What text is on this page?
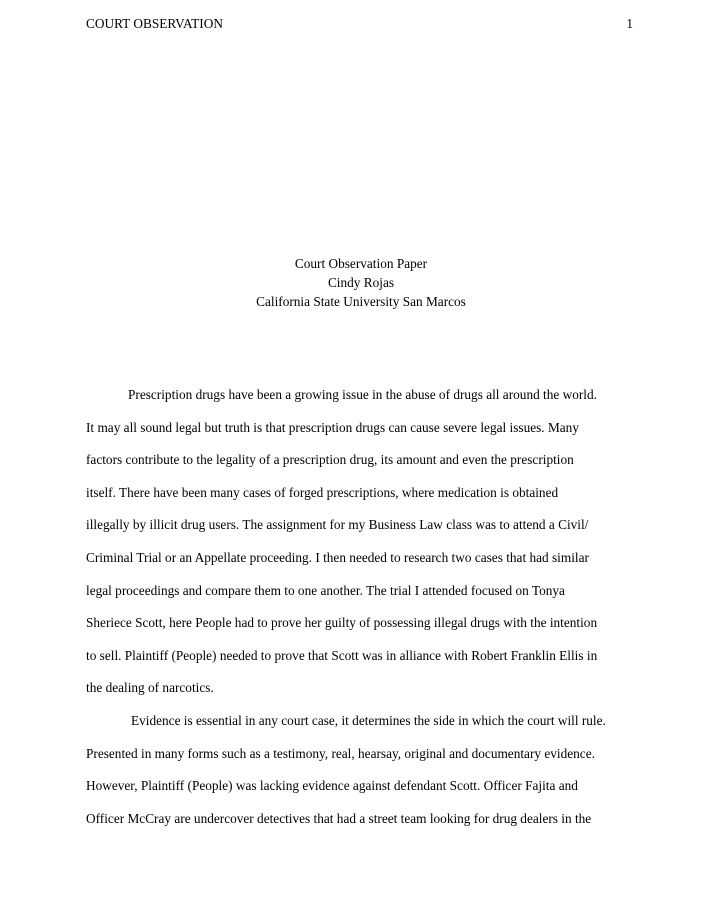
COURT OBSERVATION	1
Court Observation Paper
Cindy Rojas
California State University San Marcos
Prescription drugs have been a growing issue in the abuse of drugs all around the world.
It may all sound legal but truth is that prescription drugs can cause severe legal issues. Many
factors contribute to the legality of a prescription drug, its amount and even the prescription
itself. There have been many cases of forged prescriptions, where medication is obtained
illegally by illicit drug users. The assignment for my Business Law class was to attend a Civil/
Criminal Trial or an Appellate proceeding. I then needed to research two cases that had similar
legal proceedings and compare them to one another. The trial I attended focused on Tonya
Sheriece Scott, here People had to prove her guilty of possessing illegal drugs with the intention
to sell. Plaintiff (People) needed to prove that Scott was in alliance with Robert Franklin Ellis in
the dealing of narcotics.
Evidence is essential in any court case, it determines the side in which the court will rule.
Presented in many forms such as a testimony, real, hearsay, original and documentary evidence.
However, Plaintiff (People) was lacking evidence against defendant Scott. Officer Fajita and
Officer McCray are undercover detectives that had a street team looking for drug dealers in the
